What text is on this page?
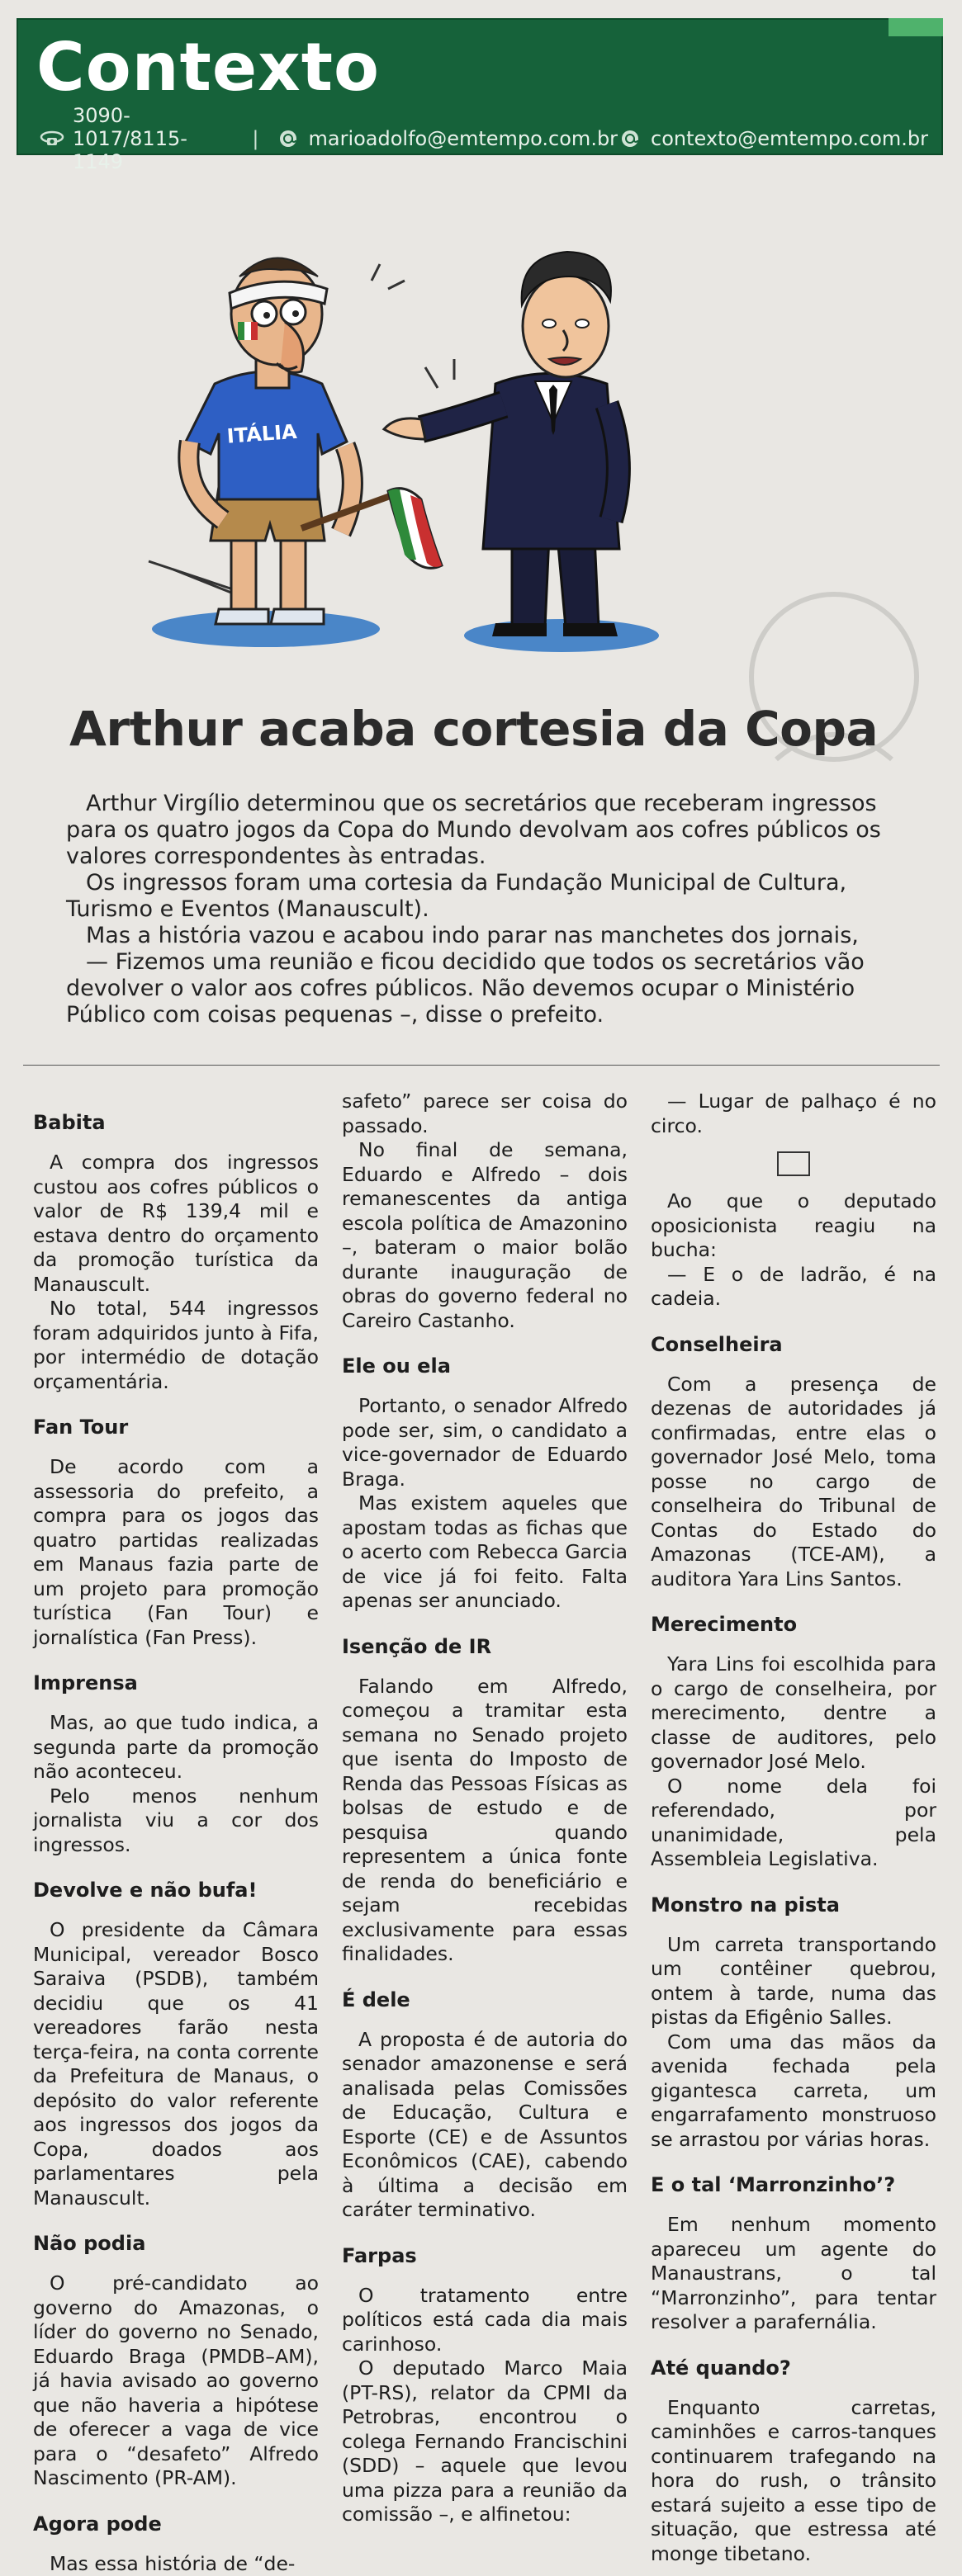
Contexto
3090-1017/8115-1149
|	marioadolfo@emtempo.com.br contexto@emtempo.com.br
ITÁLIA
Arthur acaba cortesia da Copa

Arthur Virgílio determinou que os secretários que receberam ingressos para os quatro jogos da Copa do Mundo devolvam aos cofres públicos os valores correspondentes às entradas.

Os ingressos foram uma cortesia da Fundação Municipal de Cultura, Turismo e Eventos (Manauscult).

Mas a história vazou e acabou indo parar nas manchetes dos jornais,

— Fizemos uma reunião e ficou decidido que todos os secretários vão devolver o valor aos cofres públicos. Não devemos ocupar o Ministério Público com coisas pequenas –, disse o prefeito.

Babita

A compra dos ingressos custou aos cofres públicos o valor de R$ 139,4 mil e estava dentro do orçamento da promoção turística da Manauscult.

No total, 544 ingressos foram adquiridos junto à Fifa, por intermédio de dotação orçamentária.

Fan Tour

De acordo com a assessoria do prefeito, a compra para os jogos das quatro partidas realizadas em Manaus fazia parte de um projeto para promoção turística (Fan Tour) e jornalística (Fan Press).

Imprensa

Mas, ao que tudo indica, a segunda parte da promoção não aconteceu.

Pelo menos nenhum jornalista viu a cor dos ingressos.

Devolve e não bufa!

O presidente da Câmara Municipal, vereador Bosco Saraiva (PSDB), também decidiu que os 41 vereadores farão nesta terça-feira, na conta corrente da Prefeitura de Manaus, o depósito do valor referente aos ingressos dos jogos da Copa, doados aos parlamentares pela Manauscult.

Não podia

O pré-candidato ao governo do Amazonas, o líder do governo no Senado, Eduardo Braga (PMDB–AM), já havia avisado ao governo que não haveria a hipótese de oferecer a vaga de vice para o “desafeto” Alfredo Nascimento (PR-AM).

Agora pode

Mas essa história de “de-

safeto” parece ser coisa do passado.

No final de semana, Eduardo e Alfredo – dois remanescentes da antiga escola política de Amazonino –, bateram o maior bolão durante inauguração de obras do governo federal no Careiro Castanho.

Ele ou ela

Portanto, o senador Alfredo pode ser, sim, o candidato a vice-governador de Eduardo Braga.

Mas existem aqueles que apostam todas as fichas que o acerto com Rebecca Garcia de vice já foi feito. Falta apenas ser anunciado.

Isenção de IR

Falando em Alfredo, começou a tramitar esta semana no Senado projeto que isenta do Imposto de Renda das Pessoas Físicas as bolsas de estudo e de pesquisa quando representem a única fonte de renda do beneficiário e sejam recebidas exclusivamente para essas finalidades.

É dele

A proposta é de autoria do senador amazonense e será analisada pelas Comissões de Educação, Cultura e Esporte (CE) e de Assuntos Econômicos (CAE), cabendo à última a decisão em caráter terminativo.

Farpas

O tratamento entre políticos está cada dia mais carinhoso.

O deputado Marco Maia (PT-RS), relator da CPMI da Petrobras, encontrou o colega Fernando Francischini (SDD) – aquele que levou uma pizza para a reunião da comissão –, e alfinetou:

— Lugar de palhaço é no circo.

Ao que o deputado oposicionista reagiu na bucha:

— E o de ladrão, é na cadeia.

Conselheira

Com a presença de dezenas de autoridades já confirmadas, entre elas o governador José Melo, toma posse no cargo de conselheira do Tribunal de Contas do Estado do Amazonas (TCE-AM), a auditora Yara Lins Santos.

Merecimento

Yara Lins foi escolhida para o cargo de conselheira, por merecimento, dentre a classe de auditores, pelo governador José Melo.

O nome dela foi referendado, por unanimidade, pela Assembleia Legislativa.

Monstro na pista

Um carreta transportando um contêiner quebrou, ontem à tarde, numa das pistas da Efigênio Salles.

Com uma das mãos da avenida fechada pela gigantesca carreta, um engarrafamento monstruoso se arrastou por várias horas.

E o tal ‘Marronzinho’?

Em nenhum momento apareceu um agente do Manaustrans, o tal “Marronzinho”, para tentar resolver a parafernália.

Até quando?

Enquanto carretas, caminhões e carros-tanques continuarem trafegando na hora do rush, o trânsito estará sujeito a esse tipo de situação, que estressa até monge tibetano.
